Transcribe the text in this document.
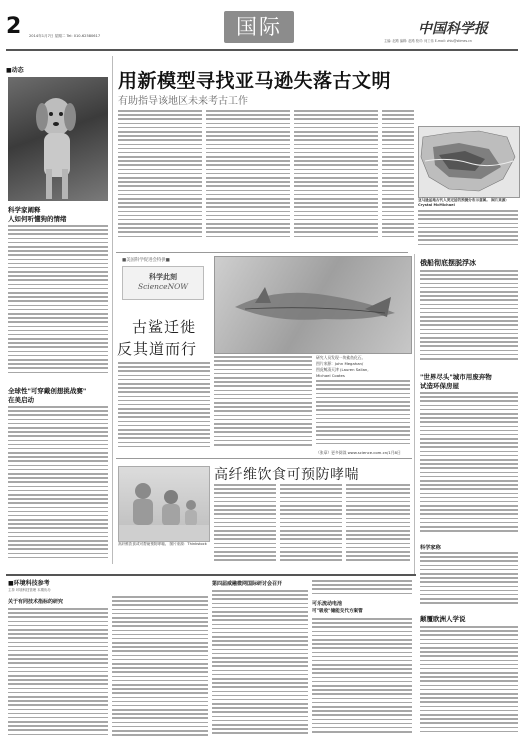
2 2014年1月7日 星期二 Tel: 010-62580617	国际	中国科学报
主编: 赵路 编辑: 赵路 校对: 何工伟 E-mail: zhlu@stimes.cn
■动态
科学家阐释
人如何听懂狗的情绪
全球性"可穿戴创想挑战赛"
在美启动
用新模型寻找亚马逊失落古文明
有助指导该地区未来考古工作
亚马逊盆地古代人类定居的预测分布示意图。 图片来源：Crystal McMichael
■美国科学促进会特供■
科学此刻
ScienceNOW
古鲨迁徙
反其道而行	研究人员发现一块鲨鱼化石。
图片来源：John Megahan/
图虎鲸清天津 (Lauren Sallan,
Michael Coates
（张章）更多阅读 www.science.com.cn/1月8日
俄船彻底摆脱浮冰
"世界尽头"城市用废弃物
试造环保房屋
科学家称
颠覆欧洲人学说
高纤维饮食可预防哮喘
高纤维饮食或可帮助预防哮喘。 图片来源：Thinkstock
■环境科技参考
主持 环境科技管理 本期协办
关于有同技术指标的研究
第四届威融微网国际研讨会召开
可乐流动电池
可"吸收"储能交代方案管
